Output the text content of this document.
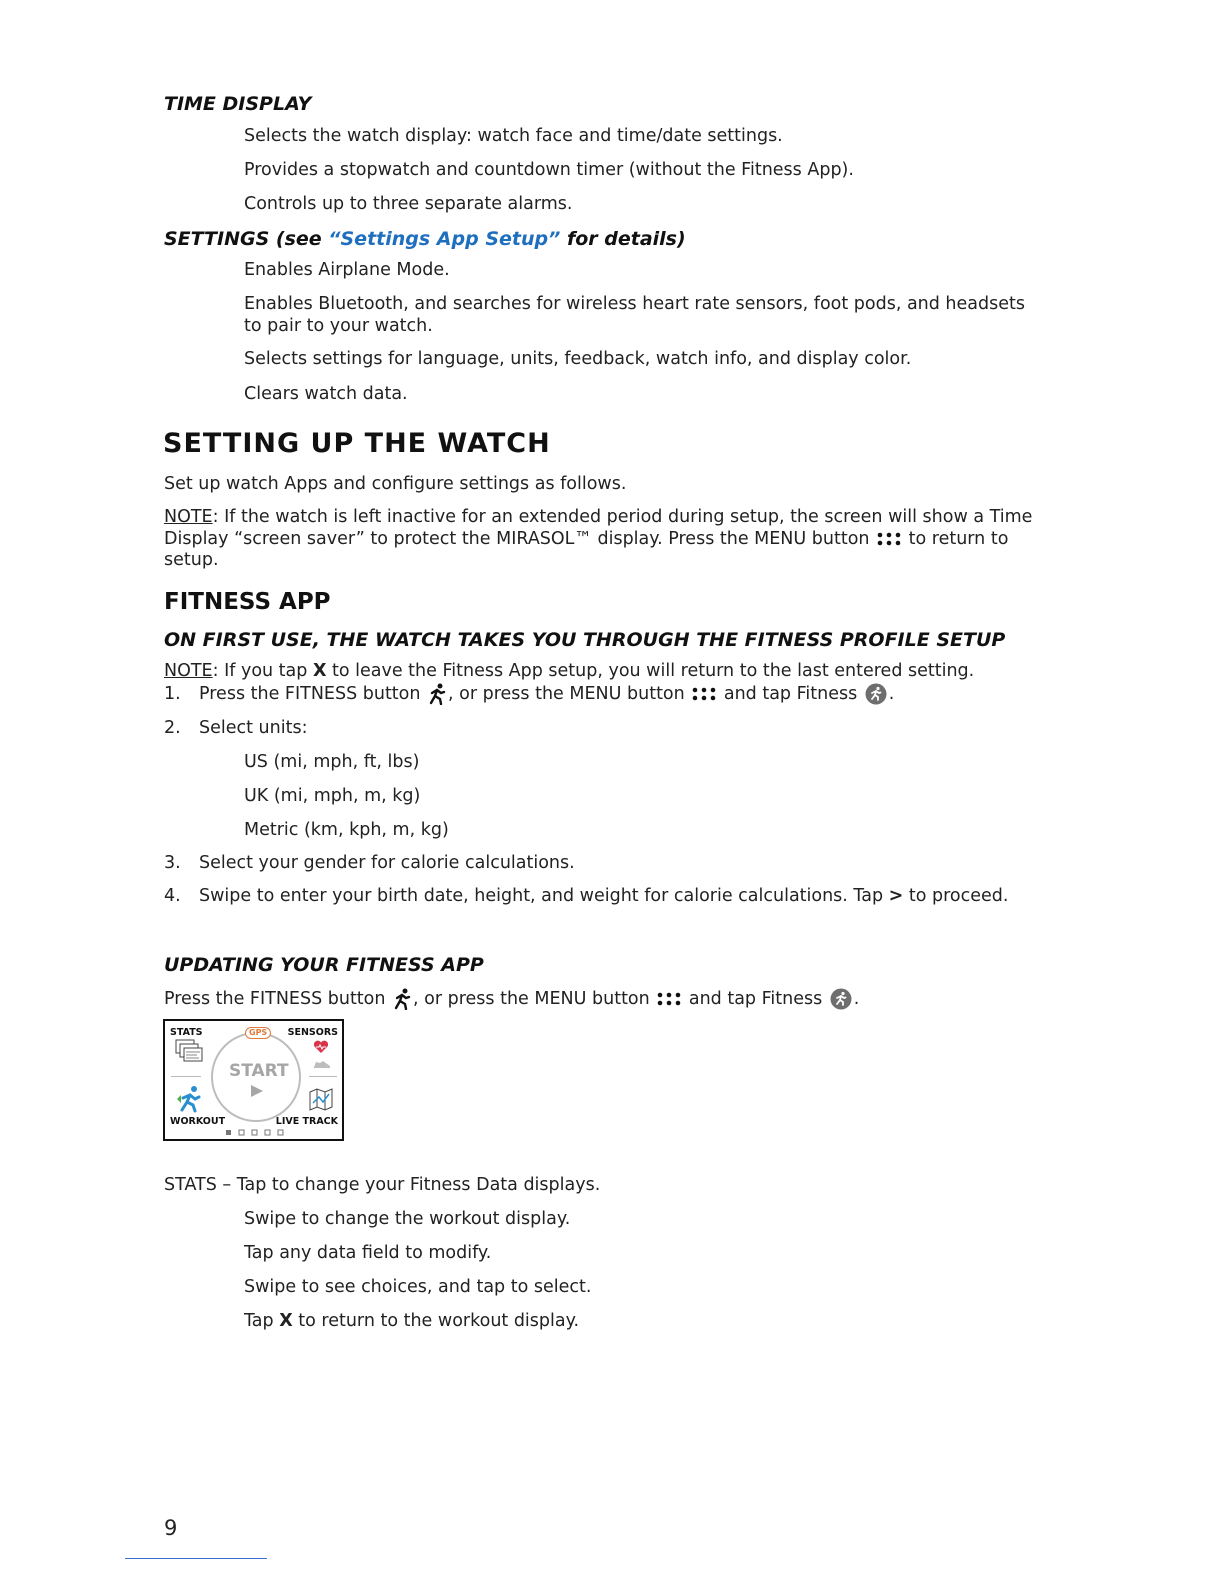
TIME DISPLAY
Selects the watch display: watch face and time/date settings.
Provides a stopwatch and countdown timer (without the Fitness App).
Controls up to three separate alarms.
SETTINGS (see “Settings App Setup” for details)
Enables Airplane Mode.
Enables Bluetooth, and searches for wireless heart rate sensors, foot pods, and headsets
to pair to your watch.
Selects settings for language, units, feedback, watch info, and display color.
Clears watch data.
SETTING UP THE WATCH
Set up watch Apps and configure settings as follows.
NOTE: If the watch is left inactive for an extended period during setup, the screen will show a Time
Display “screen saver” to protect the MIRASOL™ display. Press the MENU button  to return to
setup.
FITNESS APP
ON FIRST USE, THE WATCH TAKES YOU THROUGH THE FITNESS PROFILE SETUP
NOTE: If you tap X to leave the Fitness App setup, you will return to the last entered setting.
1. Press the FITNESS button , or press the MENU button  and tap Fitness .
2. Select units:
US (mi, mph, ft, lbs)
UK (mi, mph, m, kg)
Metric (km, kph, m, kg)
3. Select your gender for calorie calculations.
4. Swipe to enter your birth date, height, and weight for calorie calculations. Tap > to proceed.
UPDATING YOUR FITNESS APP
Press the FITNESS button , or press the MENU button  and tap Fitness .
STATS	SENSORS
WORKOUT	LIVE TRACK
START
GPS
STATS – Tap to change your Fitness Data displays.
Swipe to change the workout display.
Tap any data field to modify.
Swipe to see choices, and tap to select.
Tap X to return to the workout display.
9
